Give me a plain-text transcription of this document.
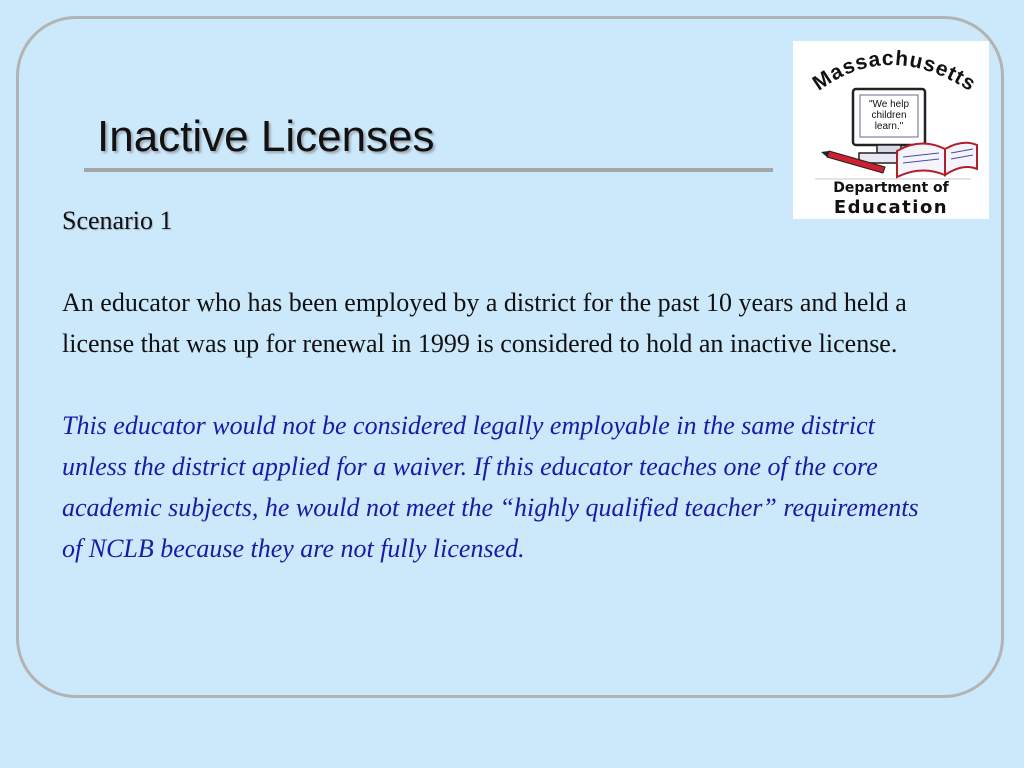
Inactive Licenses
Massachusetts
"We help
children
learn."
Department of
Education

Scenario 1

An educator who has been employed by a district for the past 10 years and held a license that was up for renewal in 1999 is considered to hold an inactive license.

This educator would not be considered legally employable in the same district unless the district applied for a waiver. If this educator teaches one of the core academic subjects, he would not meet the “highly qualified teacher” requirements of NCLB because they are not fully licensed.
